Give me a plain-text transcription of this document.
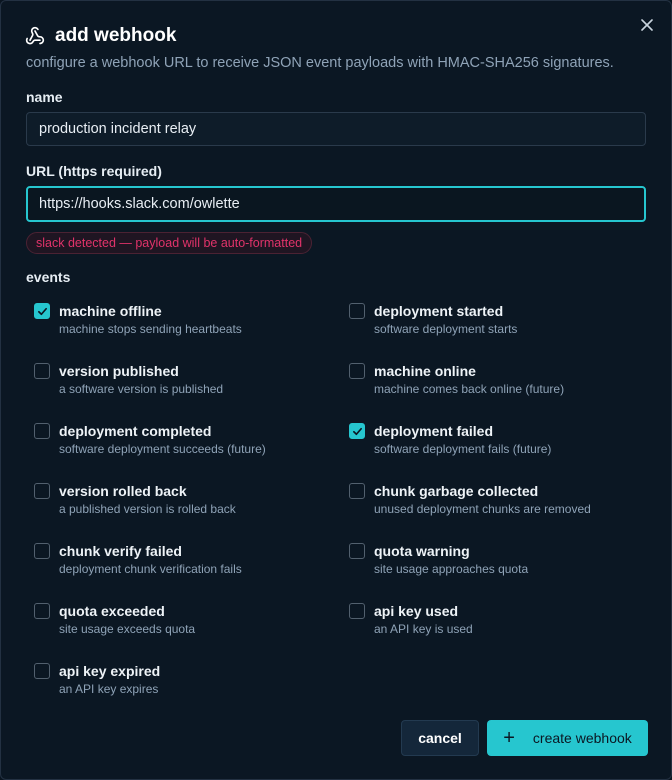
add webhook
configure a webhook URL to receive JSON event payloads with HMAC-SHA256 signatures.
name
production incident relay
URL (https required)
https://hooks.slack.com/owlette
slack detected — payload will be auto-formatted
events
machine offline
machine stops sending heartbeats
deployment started
software deployment starts
version published
a software version is published
machine online
machine comes back online (future)
deployment completed
software deployment succeeds (future)
deployment failed
software deployment fails (future)
version rolled back
a published version is rolled back
chunk garbage collected
unused deployment chunks are removed
chunk verify failed
deployment chunk verification fails
quota warning
site usage approaches quota
quota exceeded
site usage exceeds quota
api key used
an API key is used
api key expired
an API key expires
cancel	+ create webhook
